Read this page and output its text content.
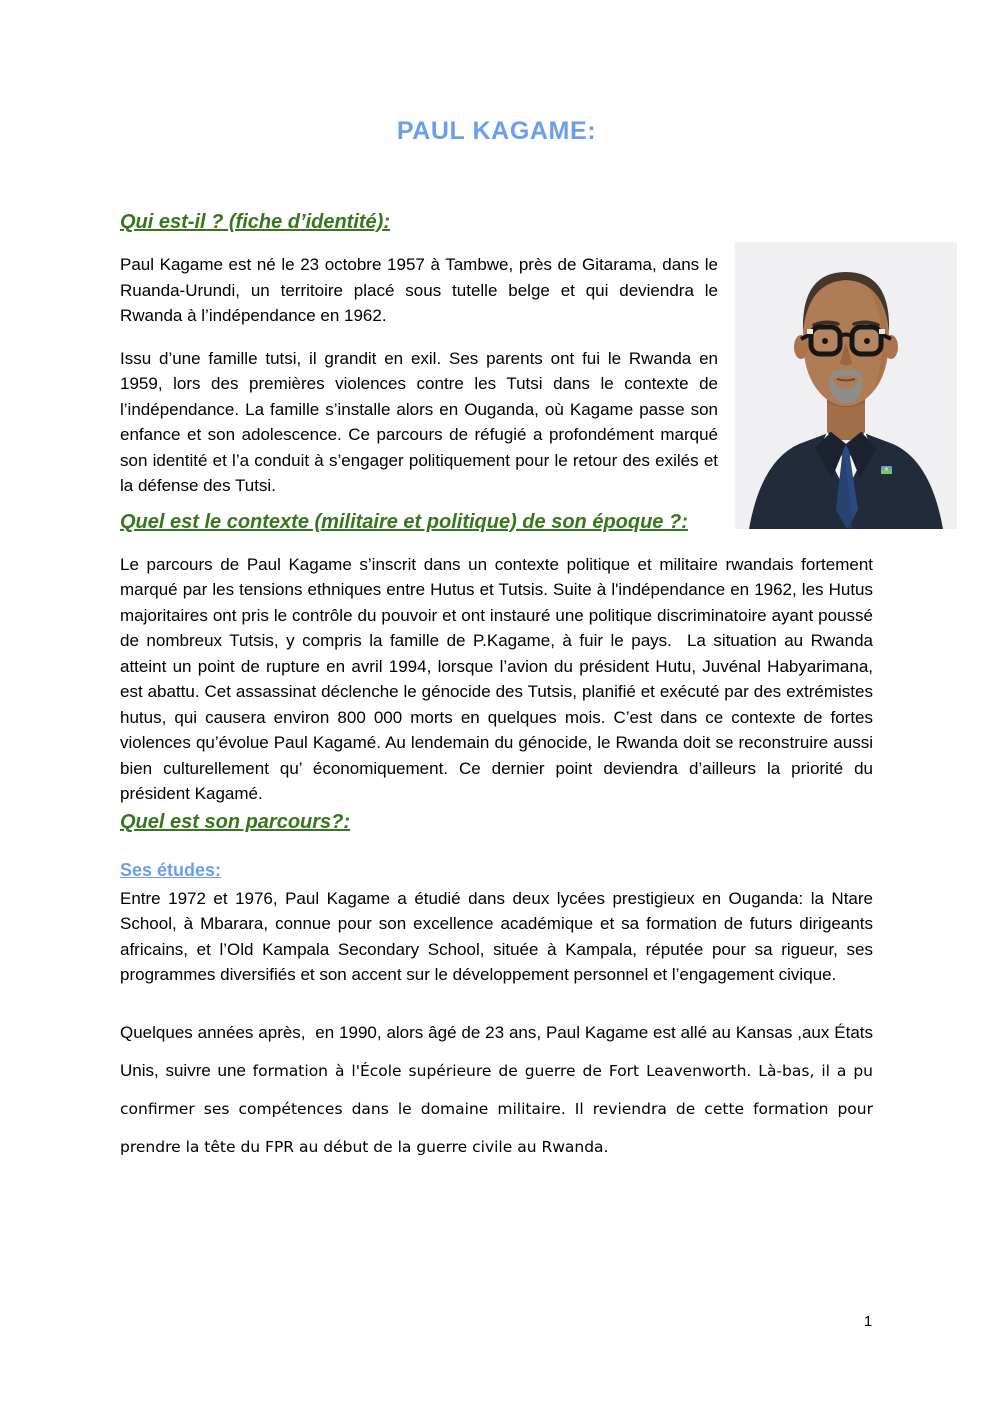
PAUL KAGAME:
Qui est-il ? (fiche d’identité):

Paul Kagame est né le 23 octobre 1957 à Tambwe, près de Gitarama, dans le Ruanda-Urundi, un territoire placé sous tutelle belge et qui deviendra le Rwanda à l’indépendance en 1962.

Issu d’une famille tutsi, il grandit en exil. Ses parents ont fui le Rwanda en 1959, lors des premières violences contre les Tutsi dans le contexte de l’indépendance. La famille s’installe alors en Ouganda, où Kagame passe son enfance et son adolescence. Ce parcours de réfugié a profondément marqué son identité et l’a conduit à s’engager politiquement pour le retour des exilés et la défense des Tutsi.

Quel est le contexte (militaire et politique) de son époque ?:

Le parcours de Paul Kagame s’inscrit dans un contexte politique et militaire rwandais fortement marqué par les tensions ethniques entre Hutus et Tutsis. Suite à l'indépendance en 1962, les Hutus majoritaires ont pris le contrôle du pouvoir et ont instauré une politique discriminatoire ayant poussé de nombreux Tutsis, y compris la famille de P.Kagame, à fuir le pays.  La situation au Rwanda atteint un point de rupture en avril 1994, lorsque l’avion du président Hutu, Juvénal Habyarimana, est abattu. Cet assassinat déclenche le génocide des Tutsis, planifié et exécuté par des extrémistes hutus, qui causera environ 800 000 morts en quelques mois. C’est dans ce contexte de fortes violences qu’évolue Paul Kagamé. Au lendemain du génocide, le Rwanda doit se reconstruire aussi bien culturellement qu’ économiquement. Ce dernier point deviendra d’ailleurs la priorité du président Kagamé.

Quel est son parcours?:
Ses études:

Entre 1972 et 1976, Paul Kagame a étudié dans deux lycées prestigieux en Ouganda: la Ntare School, à Mbarara, connue pour son excellence académique et sa formation de futurs dirigeants africains, et l’Old Kampala Secondary School, située à Kampala, réputée pour sa rigueur, ses programmes diversifiés et son accent sur le développement personnel et l’engagement civique.

Quelques années après,  en 1990, alors âgé de 23 ans, Paul Kagame est allé au Kansas ,aux États Unis, suivre une formation à l'École supérieure de guerre de Fort Leavenworth. Là-bas, il a pu confirmer ses compétences dans le domaine militaire. Il reviendra de cette formation pour prendre la tête du FPR au début de la guerre civile au Rwanda.

1
